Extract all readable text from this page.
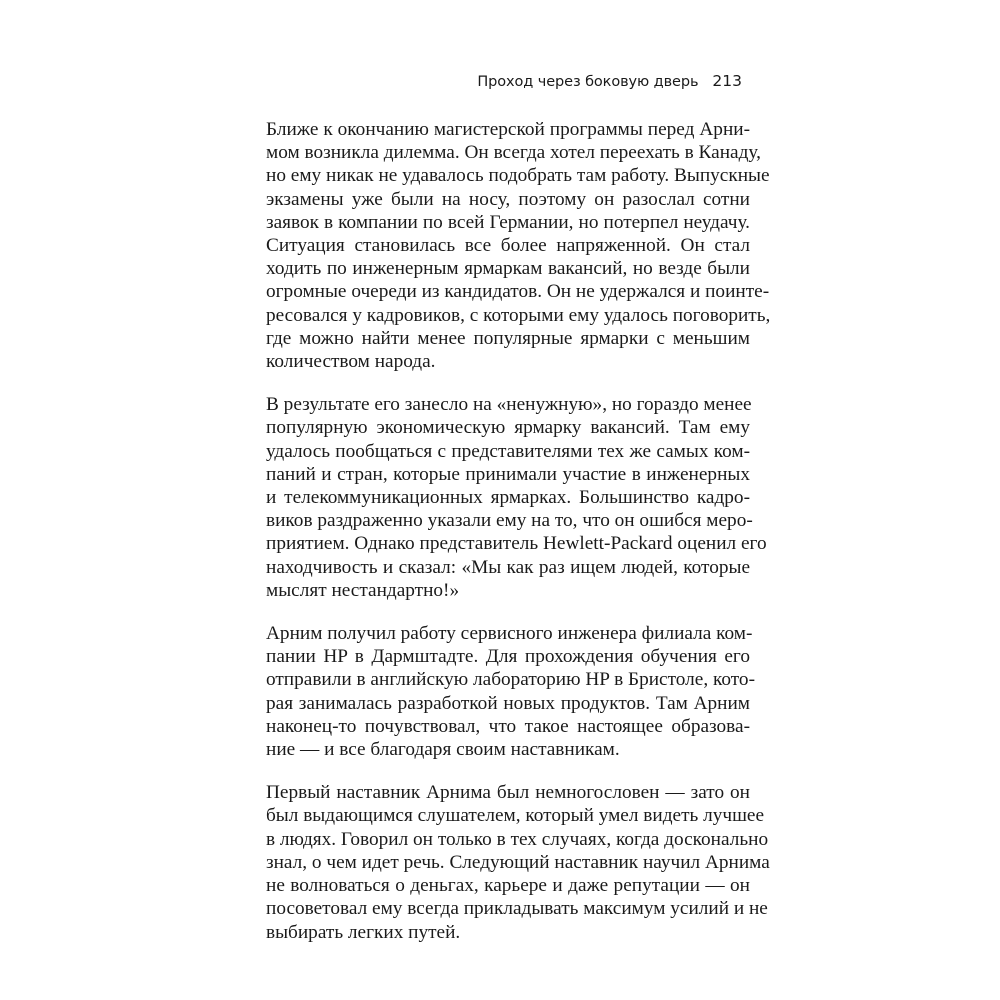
Проход через боковую дверь 213

Ближе к окончанию магистерской программы перед Арни-
мом возникла дилемма. Он всегда хотел переехать в Канаду,
но ему никак не удавалось подобрать там работу. Выпускные
экзамены уже были на носу, поэтому он разослал сотни
заявок в компании по всей Германии, но потерпел неудачу.
Ситуация становилась все более напряженной. Он стал
ходить по инженерным ярмаркам вакансий, но везде были
огромные очереди из кандидатов. Он не удержался и поинте-
ресовался у кадровиков, с которыми ему удалось поговорить,
где можно найти менее популярные ярмарки с меньшим
количеством народа.

В результате его занесло на «ненужную», но гораздо менее
популярную экономическую ярмарку вакансий. Там ему
удалось пообщаться с представителями тех же самых ком-
паний и стран, которые принимали участие в инженерных
и телекоммуникационных ярмарках. Большинство кадро-
виков раздраженно указали ему на то, что он ошибся меро-
приятием. Однако представитель Hewlett-Packard оценил его
находчивость и сказал: «Мы как раз ищем людей, которые
мыслят нестандартно!»

Арним получил работу сервисного инженера филиала ком-
пании HP в Дармштадте. Для прохождения обучения его
отправили в английскую лабораторию HP в Бристоле, кото-
рая занималась разработкой новых продуктов. Там Арним
наконец-то почувствовал, что такое настоящее образова-
ние — и все благодаря своим наставникам.

Первый наставник Арнима был немногословен — зато он
был выдающимся слушателем, который умел видеть лучшее
в людях. Говорил он только в тех случаях, когда досконально
знал, о чем идет речь. Следующий наставник научил Арнима
не волноваться о деньгах, карьере и даже репутации — он
посоветовал ему всегда прикладывать максимум усилий и не
выбирать легких путей.
